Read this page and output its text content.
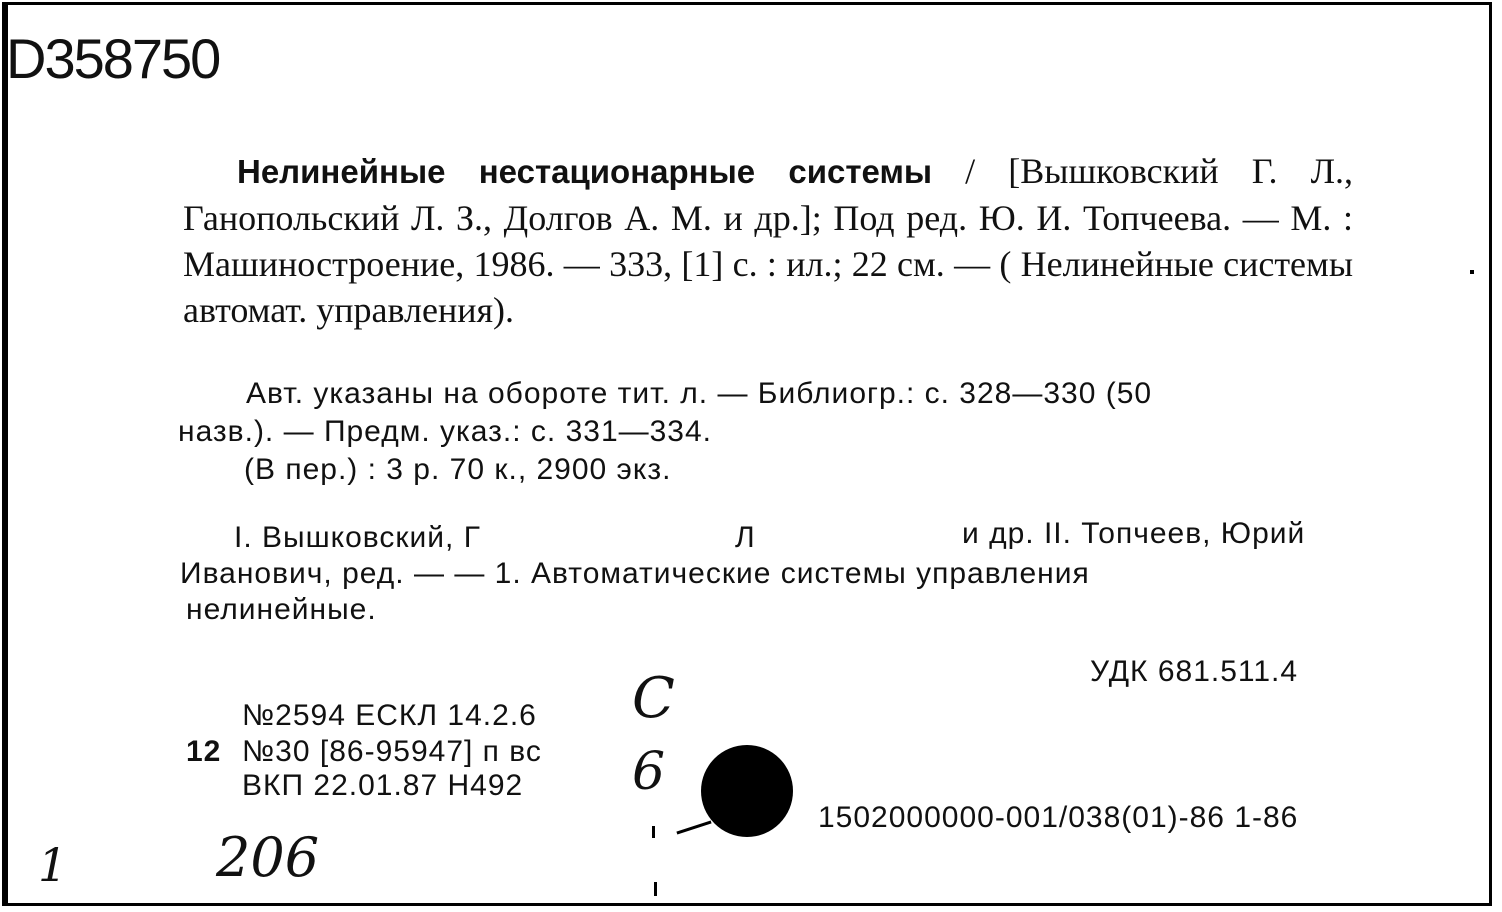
D358750
Нелинейные нестационарные системы / [Вышковский Г. Л., Ганопольский Л. З., Долгов А. М. и др.]; Под ред. Ю. И. Топчеева. — М. : Машиностроение, 1986. — 333, [1] с. : ил.; 22 см. — ( Нелинейные системы автомат. управления).
Авт. указаны на обороте тит. л. — Библиогр.: с. 328—330 (50
назв.). — Предм. указ.: с. 331—334.
(В пер.) : 3 р. 70 к., 2900 экз.
I. Вышковский, Г	Л	и др. II. Топчеев, Юрий
Иванович, ред. — — 1. Автоматические системы управления
нелинейные.
УДК 681.511.4
№2594 ЕСКЛ 14.2.6
12 №30 [86-95947] п вс
ВКП 22.01.87 Н492
C
6
206
1
1502000000-001/038(01)-86 1-86
